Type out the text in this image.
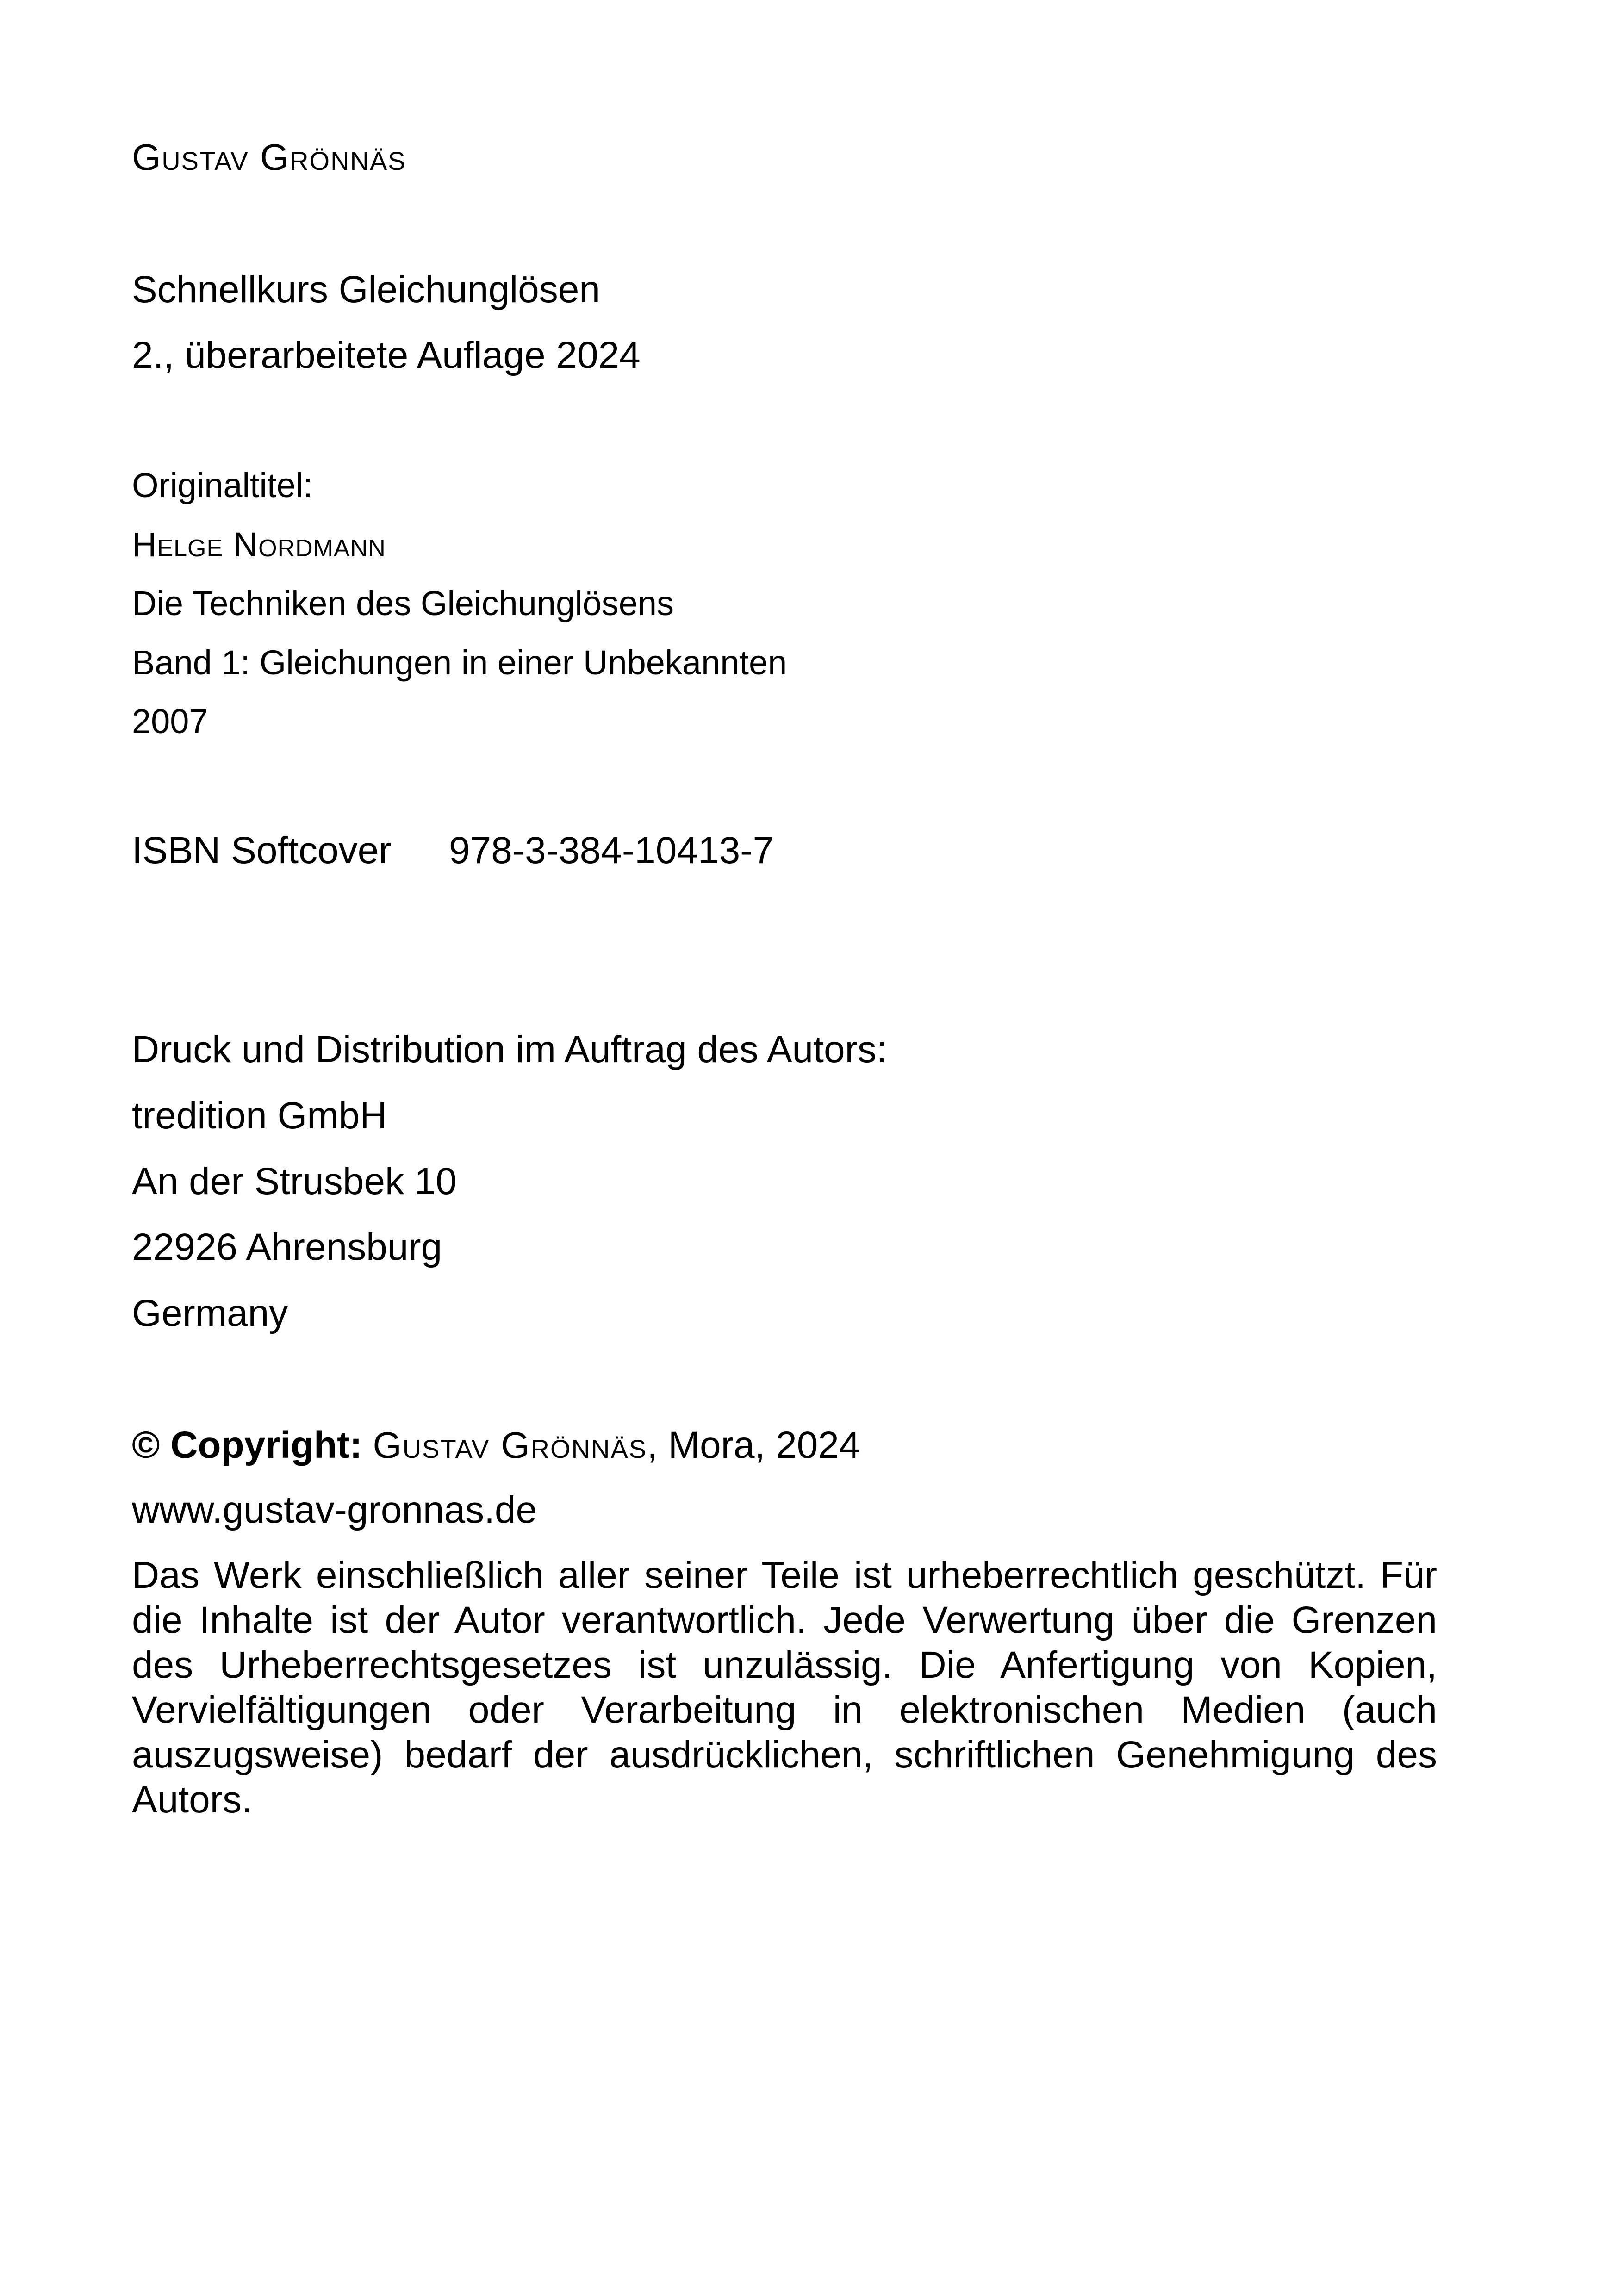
Gustav Grönnäs
Schnellkurs Gleichunglösen
2., überarbeitete Auflage 2024
Originaltitel:
Helge Nordmann
Die Techniken des Gleichunglösens
Band 1: Gleichungen in einer Unbekannten
2007
ISBN Softcover 978-3-384-10413-7
Druck und Distribution im Auftrag des Autors:
tredition GmbH
An der Strusbek 10
22926 Ahrensburg
Germany
© Copyright: Gustav Grönnäs, Mora, 2024
www.gustav-gronnas.de
Das Werk einschließlich aller seiner Teile ist urheberrechtlich geschützt. Für die Inhalte ist der Autor verantwortlich. Jede Verwertung über die Grenzen des Urheberrechtsgesetzes ist unzulässig. Die Anfertigung von Kopien, Vervielfältigungen oder Verarbeitung in elektronischen Medien (auch auszugsweise) bedarf der ausdrücklichen, schriftlichen Genehmigung des Autors.
